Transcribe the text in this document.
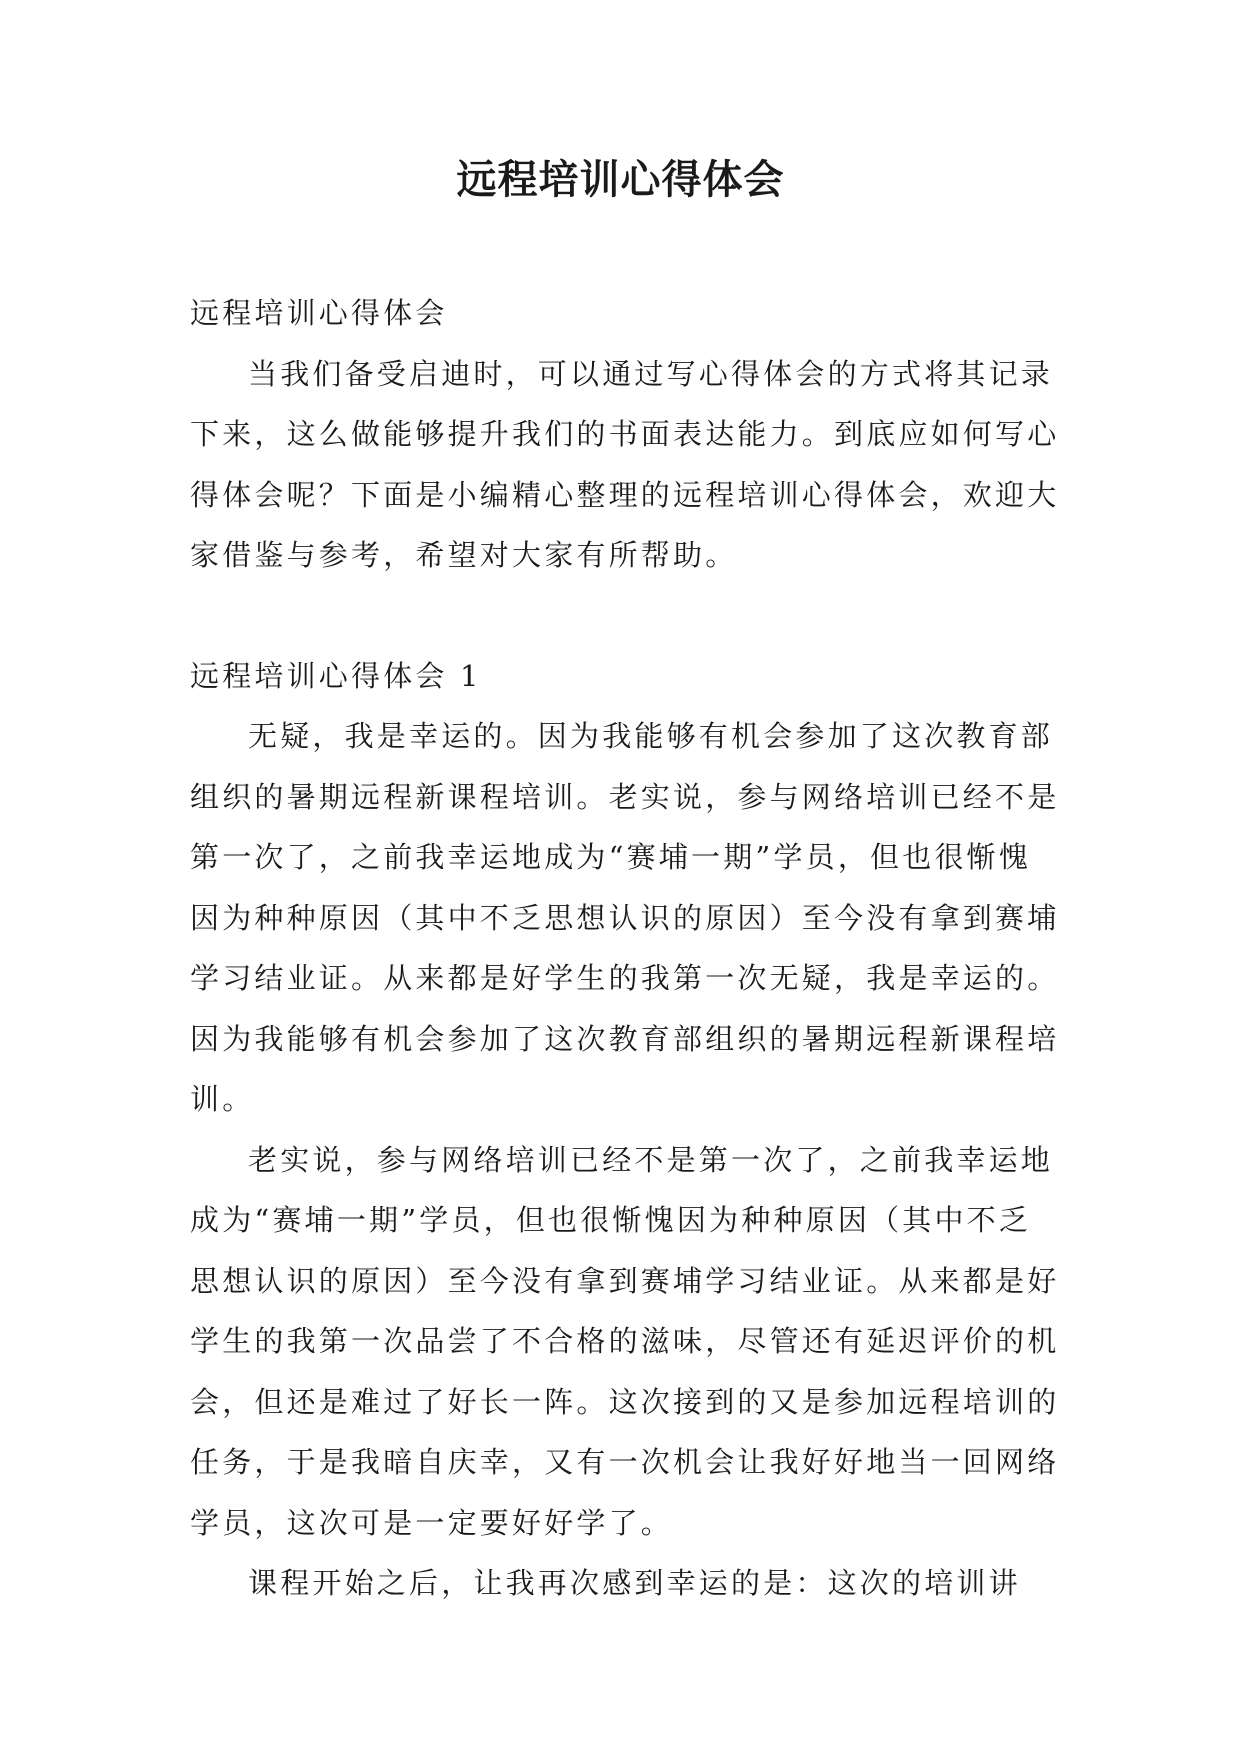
远程培训心得体会

远程培训心得体会

当我们备受启迪时，可以通过写心得体会的方式将其记录下来，这么做能够提升我们的书面表达能力。到底应如何写心得体会呢？下面是小编精心整理的远程培训心得体会，欢迎大家借鉴与参考，希望对大家有所帮助。

远程培训心得体会 1

无疑，我是幸运的。因为我能够有机会参加了这次教育部组织的暑期远程新课程培训。老实说，参与网络培训已经不是第一次了，之前我幸运地成为“赛埔一期”学员，但也很惭愧因为种种原因（其中不乏思想认识的原因）至今没有拿到赛埔学习结业证。从来都是好学生的我第一次无疑，我是幸运的。因为我能够有机会参加了这次教育部组织的暑期远程新课程培训。

老实说，参与网络培训已经不是第一次了，之前我幸运地成为“赛埔一期”学员，但也很惭愧因为种种原因（其中不乏思想认识的原因）至今没有拿到赛埔学习结业证。从来都是好学生的我第一次品尝了不合格的滋味，尽管还有延迟评价的机会，但还是难过了好长一阵。这次接到的又是参加远程培训的任务，于是我暗自庆幸，又有一次机会让我好好地当一回网络学员，这次可是一定要好好学了。

课程开始之后，让我再次感到幸运的是：这次的培训讲
